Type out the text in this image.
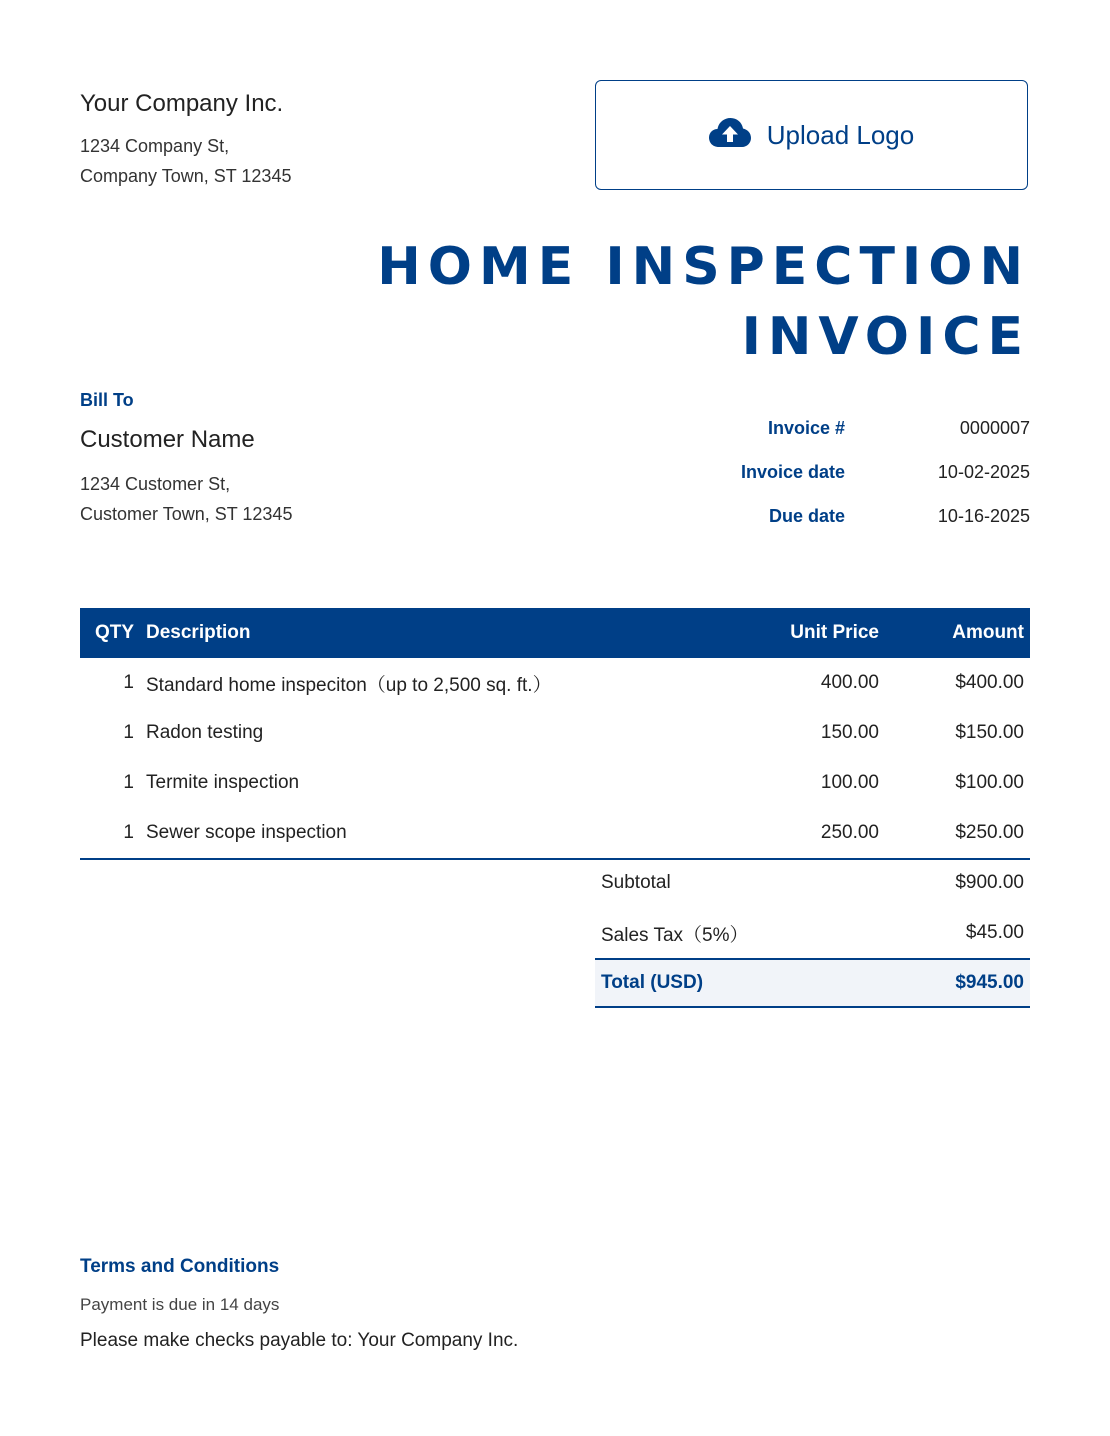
Your Company Inc.
1234 Company St,
Company Town, ST 12345
Upload Logo
HOME INSPECTION
INVOICE
Bill To
Customer Name
1234 Customer St,
Customer Town, ST 12345
Invoice #	0000007
Invoice date	10-02-2025
Due date	10-16-2025
QTY	Description	Unit Price	Amount
1	Standard home inspeciton（up to 2,500 sq. ft.）	400.00	$400.00
1	Radon testing	150.00	$150.00
1	Termite inspection	100.00	$100.00
1	Sewer scope inspection	250.00	$250.00
Subtotal	$900.00
Sales Tax（5%）	$45.00
Total (USD)	$945.00
Terms and Conditions
Payment is due in 14 days
Please make checks payable to: Your Company Inc.
